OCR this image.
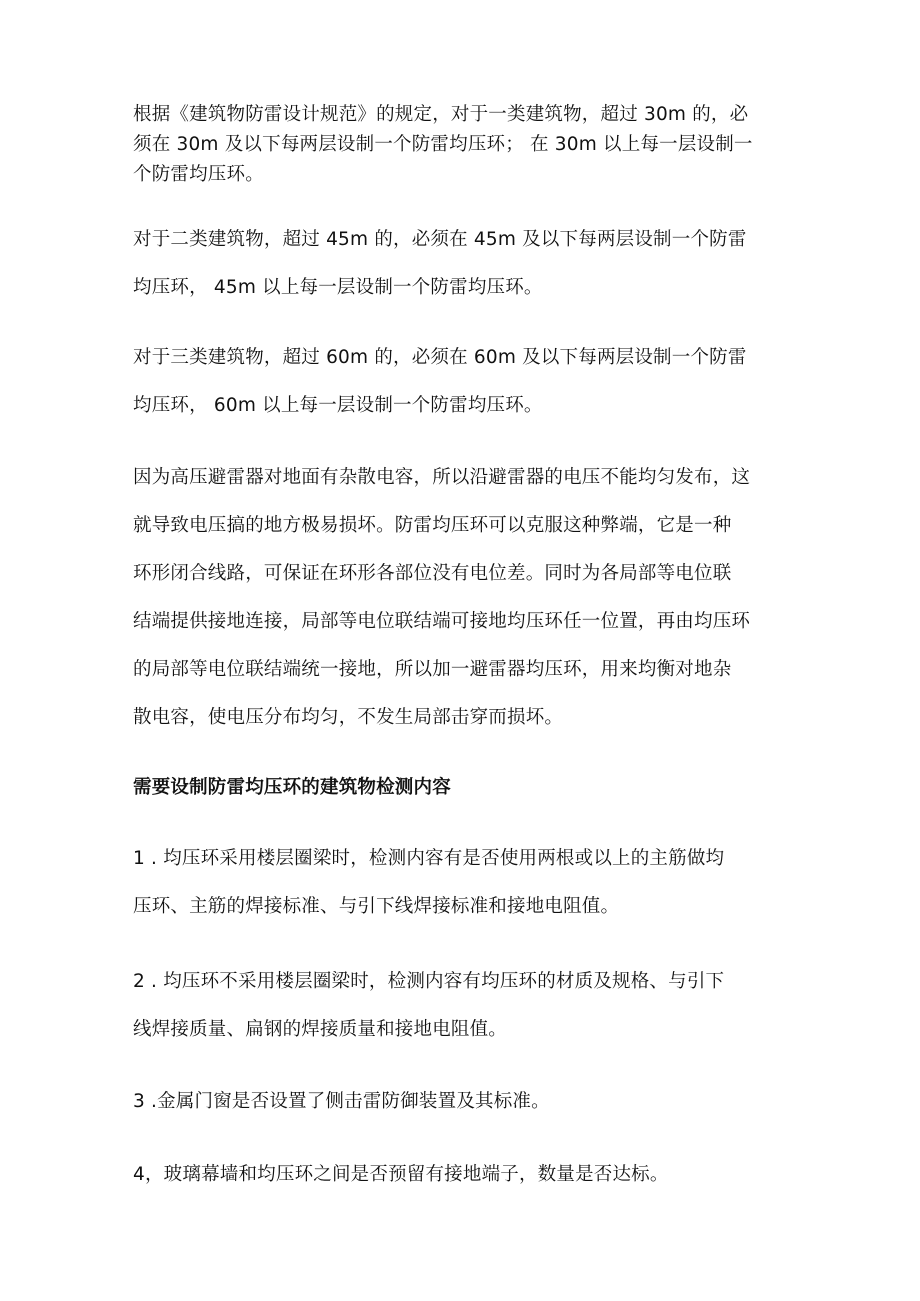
根据《建筑物防雷设计规范》的规定，对于一类建筑物，超过 30m 的，必

须在 30m 及以下每两层设制一个防雷均压环； 在 30m 以上每一层设制一

个防雷均压环。

对于二类建筑物，超过 45m 的，必须在 45m 及以下每两层设制一个防雷

均压环， 45m 以上每一层设制一个防雷均压环。

对于三类建筑物，超过 60m 的，必须在 60m 及以下每两层设制一个防雷

均压环， 60m 以上每一层设制一个防雷均压环。

因为高压避雷器对地面有杂散电容，所以沿避雷器的电压不能均匀发布，这

就导致电压搞的地方极易损坏。防雷均压环可以克服这种弊端，它是一种

环形闭合线路，可保证在环形各部位没有电位差。同时为各局部等电位联

结端提供接地连接，局部等电位联结端可接地均压环任一位置，再由均压环

的局部等电位联结端统一接地，所以加一避雷器均压环，用来均衡对地杂

散电容，使电压分布均匀，不发生局部击穿而损坏。

需要设制防雷均压环的建筑物检测内容

1 . 均压环采用楼层圈梁时，检测内容有是否使用两根或以上的主筋做均

压环、主筋的焊接标准、与引下线焊接标准和接地电阻值。

2 . 均压环不采用楼层圈梁时，检测内容有均压环的材质及规格、与引下

线焊接质量、扁钢的焊接质量和接地电阻值。

3 .金属门窗是否设置了侧击雷防御装置及其标准。
4，玻璃幕墙和均压环之间是否预留有接地端子，数量是否达标。
